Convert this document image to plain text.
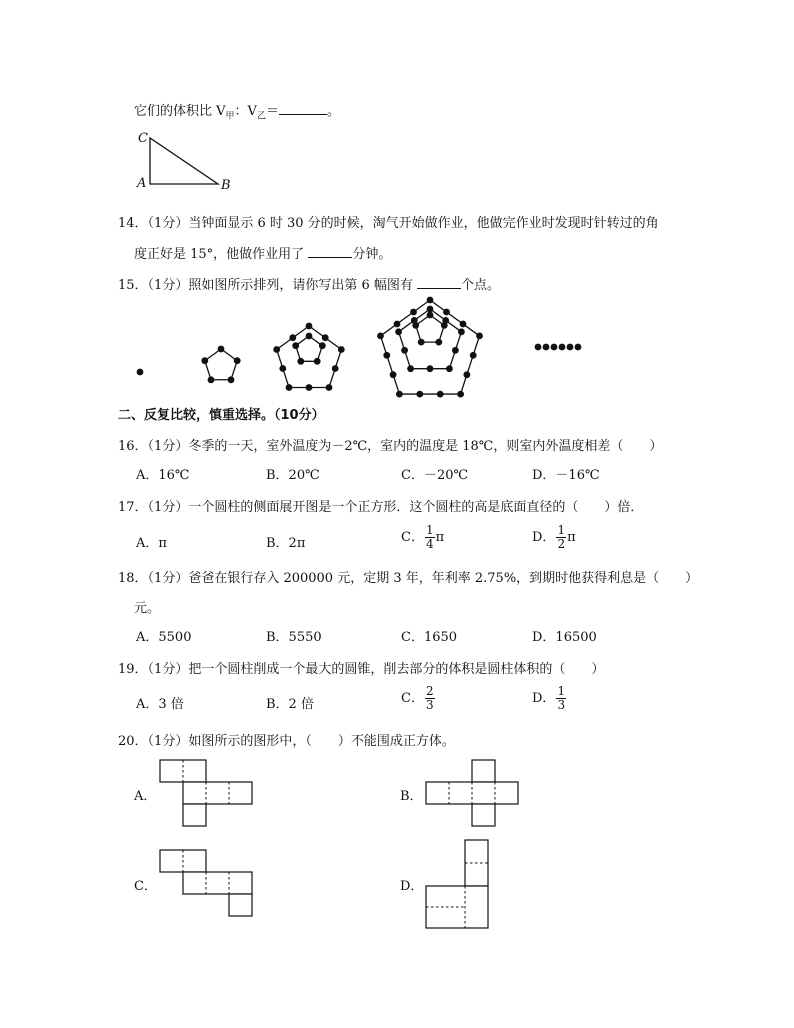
它们的体积比 $V_甲$：$V_乙=$	。
C
A	B
14．（1分）当钟面显示 6 时 30 分的时候，淘气开始做作业，他做完作业时发现时针转过的角
度正好是 15°，他做作业用了	分钟。
15．（1分）照如图所示排列，请你写出第 6 幅图有	个点。
二、反复比较，慎重选择。（10分）
16．（1分）冬季的一天，室外温度为－2℃，室内的温度是 18℃，则室内外温度相差（　　）
A．16℃	B．20℃	C．－20℃	D．－16℃
17．（1分）一个圆柱的侧面展开图是一个正方形．这个圆柱的高是底面直径的（　　）倍．
A．π	B．2π	C． $\frac{1}{4}$ π	D． $\frac{1}{2}$ π
18．（1分）爸爸在银行存入 200000 元，定期 3 年，年利率 2.75%，到期时他获得利息是（　　）
元。
A．5500	B．5550	C．1650	D．16500
19．（1分）把一个圆柱削成一个最大的圆锥，削去部分的体积是圆柱体积的（　　）
A．3 倍	B．2 倍	C． $\frac{2}{3}$	D． $\frac{1}{3}$
20．（1分）如图所示的图形中，（　　）不能围成正方体。
A．	B．
C．	D．
